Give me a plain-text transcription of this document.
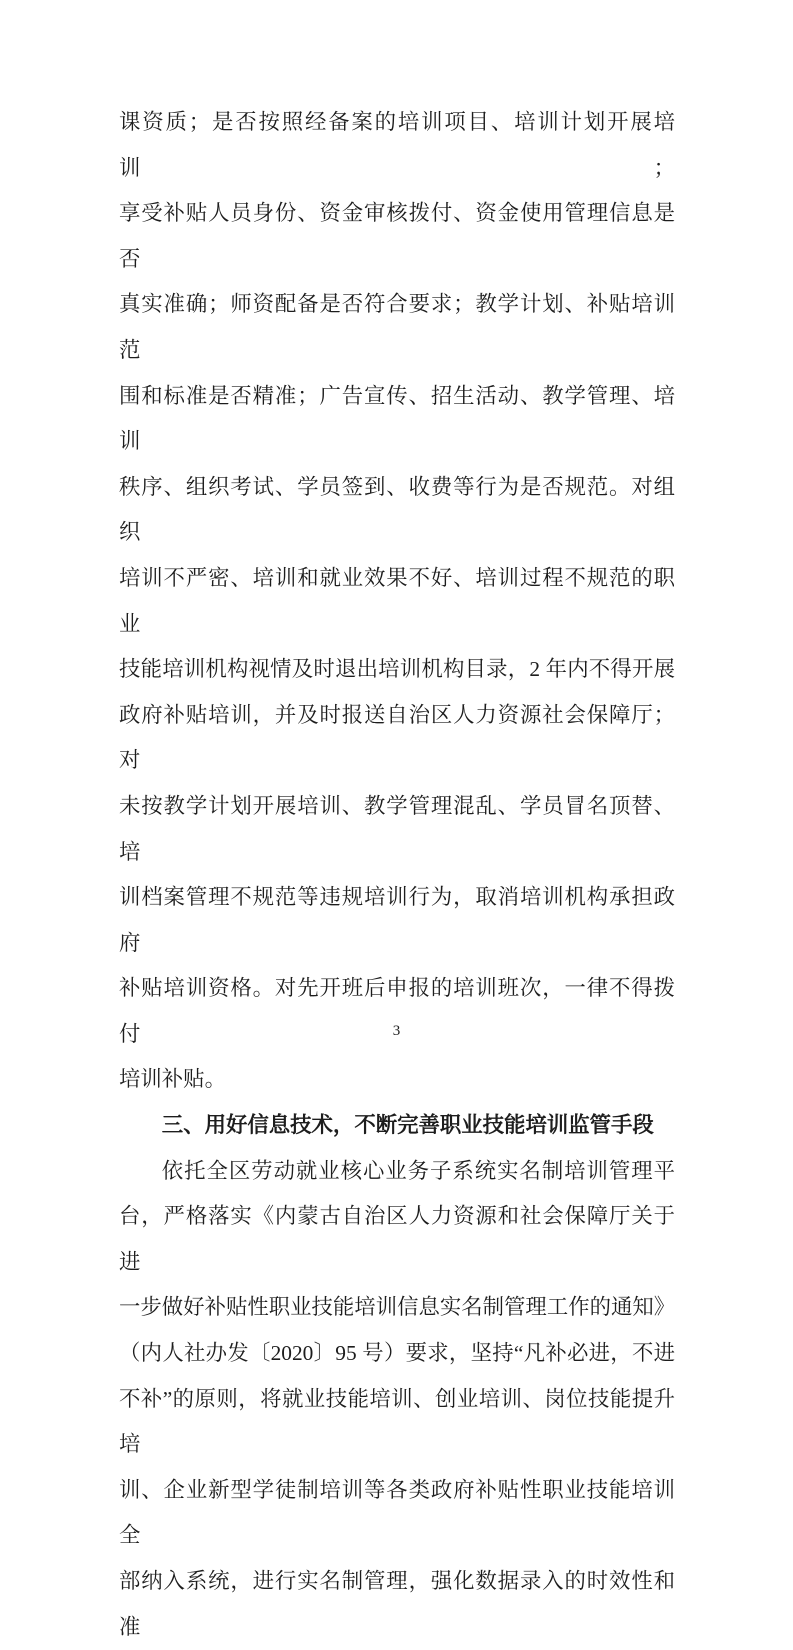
课资质；是否按照经备案的培训项目、培训计划开展培训；
享受补贴人员身份、资金审核拨付、资金使用管理信息是否
真实准确；师资配备是否符合要求；教学计划、补贴培训范
围和标准是否精准；广告宣传、招生活动、教学管理、培训
秩序、组织考试、学员签到、收费等行为是否规范。对组织
培训不严密、培训和就业效果不好、培训过程不规范的职业
技能培训机构视情及时退出培训机构目录，2 年内不得开展
政府补贴培训，并及时报送自治区人力资源社会保障厅；对
未按教学计划开展培训、教学管理混乱、学员冒名顶替、培
训档案管理不规范等违规培训行为，取消培训机构承担政府
补贴培训资格。对先开班后申报的培训班次，一律不得拨付
培训补贴。
三、用好信息技术，不断完善职业技能培训监管手段
依托全区劳动就业核心业务子系统实名制培训管理平
台，严格落实《内蒙古自治区人力资源和社会保障厅关于进
一步做好补贴性职业技能培训信息实名制管理工作的通知》
（内人社办发〔2020〕95 号）要求，坚持“凡补必进，不进
不补”的原则，将就业技能培训、创业培训、岗位技能提升培
训、企业新型学徒制培训等各类政府补贴性职业技能培训全
部纳入系统，进行实名制管理，强化数据录入的时效性和准
3
